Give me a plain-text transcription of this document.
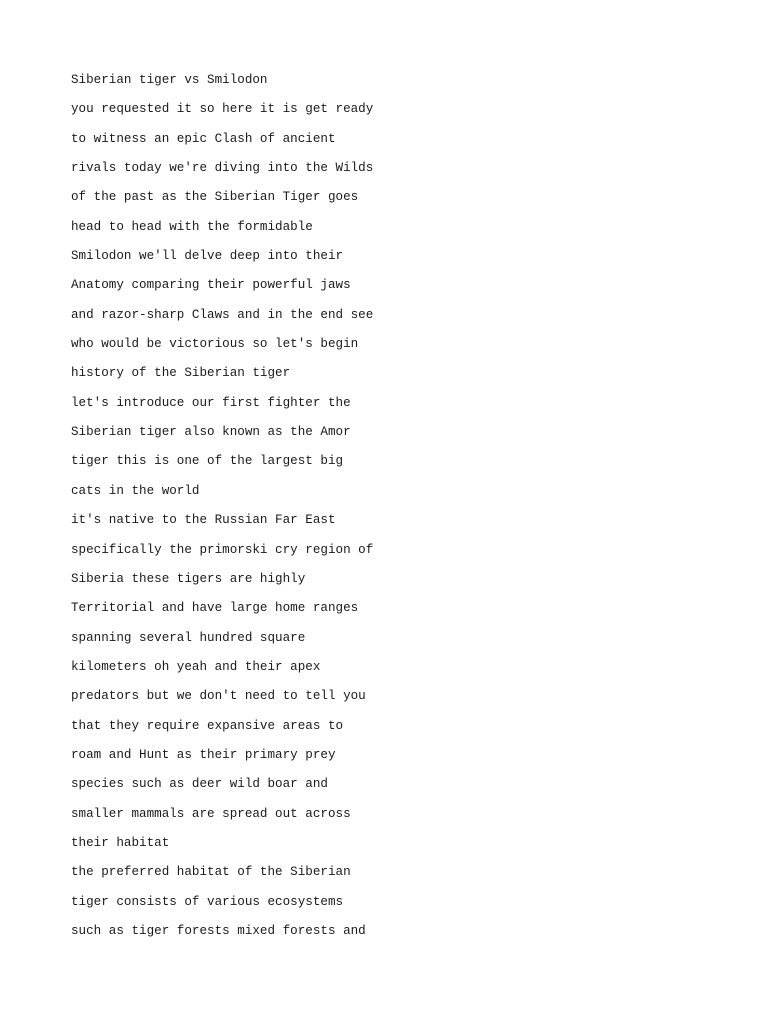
Siberian tiger vs Smilodon
you requested it so here it is get ready
to witness an epic Clash of ancient
rivals today we're diving into the Wilds
of the past as the Siberian Tiger goes
head to head with the formidable
Smilodon we'll delve deep into their
Anatomy comparing their powerful jaws
and razor-sharp Claws and in the end see
who would be victorious so let's begin
history of the Siberian tiger
let's introduce our first fighter the
Siberian tiger also known as the Amor
tiger this is one of the largest big
cats in the world
it's native to the Russian Far East
specifically the primorski cry region of
Siberia these tigers are highly
Territorial and have large home ranges
spanning several hundred square
kilometers oh yeah and their apex
predators but we don't need to tell you
that they require expansive areas to
roam and Hunt as their primary prey
species such as deer wild boar and
smaller mammals are spread out across
their habitat
the preferred habitat of the Siberian
tiger consists of various ecosystems
such as tiger forests mixed forests and
